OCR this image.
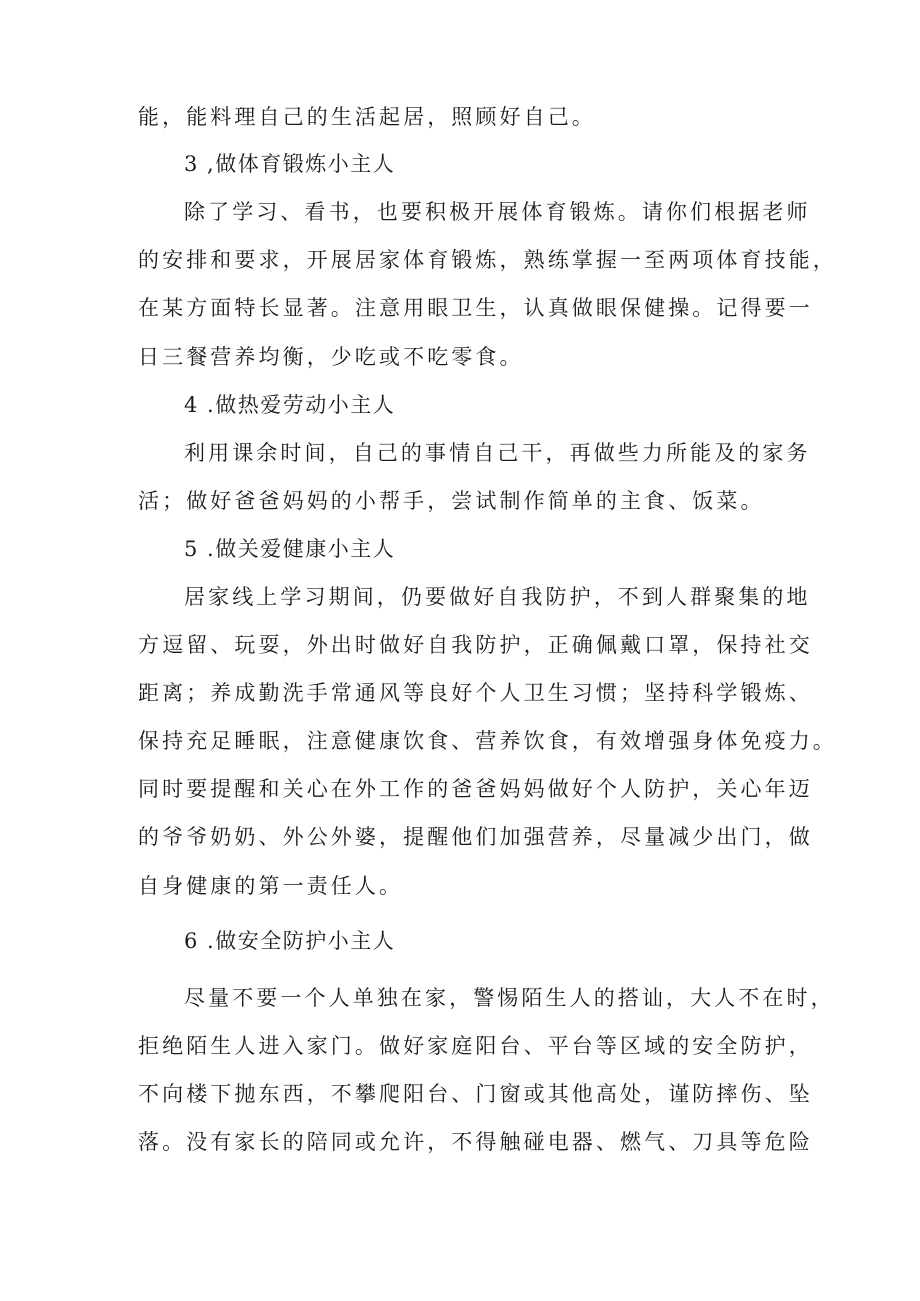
能，能料理自己的生活起居，照顾好自己。
3 ,做体育锻炼小主人
除了学习、看书，也要积极开展体育锻炼。请你们根据老师
的安排和要求，开展居家体育锻炼，熟练掌握一至两项体育技能，
在某方面特长显著。注意用眼卫生，认真做眼保健操。记得要一
日三餐营养均衡，少吃或不吃零食。
4 .做热爱劳动小主人
利用课余时间，自己的事情自己干，再做些力所能及的家务
活；做好爸爸妈妈的小帮手，尝试制作简单的主食、饭菜。
5 .做关爱健康小主人
居家线上学习期间，仍要做好自我防护，不到人群聚集的地
方逗留、玩耍，外出时做好自我防护，正确佩戴口罩，保持社交
距离；养成勤洗手常通风等良好个人卫生习惯；坚持科学锻炼、
保持充足睡眠，注意健康饮食、营养饮食，有效增强身体免疫力。
同时要提醒和关心在外工作的爸爸妈妈做好个人防护，关心年迈
的爷爷奶奶、外公外婆，提醒他们加强营养，尽量减少出门，做
自身健康的第一责任人。
6 .做安全防护小主人
尽量不要一个人单独在家，警惕陌生人的搭讪，大人不在时，
拒绝陌生人进入家门。做好家庭阳台、平台等区域的安全防护，
不向楼下抛东西，不攀爬阳台、门窗或其他高处，谨防摔伤、坠
落。没有家长的陪同或允许，不得触碰电器、燃气、刀具等危险
